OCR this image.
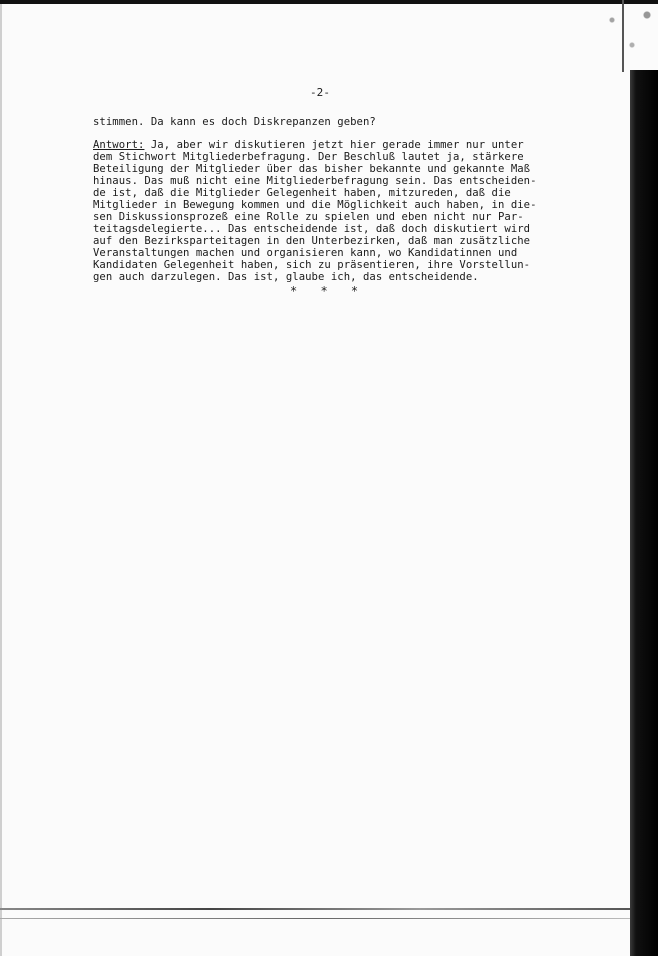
-2-
stimmen. Da kann es doch Diskrepanzen geben?
Antwort: Ja, aber wir diskutieren jetzt hier gerade immer nur unter
dem Stichwort Mitgliederbefragung. Der Beschluß lautet ja, stärkere
Beteiligung der Mitglieder über das bisher bekannte und gekannte Maß
hinaus. Das muß nicht eine Mitgliederbefragung sein. Das entscheiden-
de ist, daß die Mitglieder Gelegenheit haben, mitzureden, daß die
Mitglieder in Bewegung kommen und die Möglichkeit auch haben, in die-
sen Diskussionsprozeß eine Rolle zu spielen und eben nicht nur Par-
teitagsdelegierte... Das entscheidende ist, daß doch diskutiert wird
auf den Bezirksparteitagen in den Unterbezirken, daß man zusätzliche
Veranstaltungen machen und organisieren kann, wo Kandidatinnen und
Kandidaten Gelegenheit haben, sich zu präsentieren, ihre Vorstellun-
gen auch darzulegen. Das ist, glaube ich, das entscheidende.
* * *
